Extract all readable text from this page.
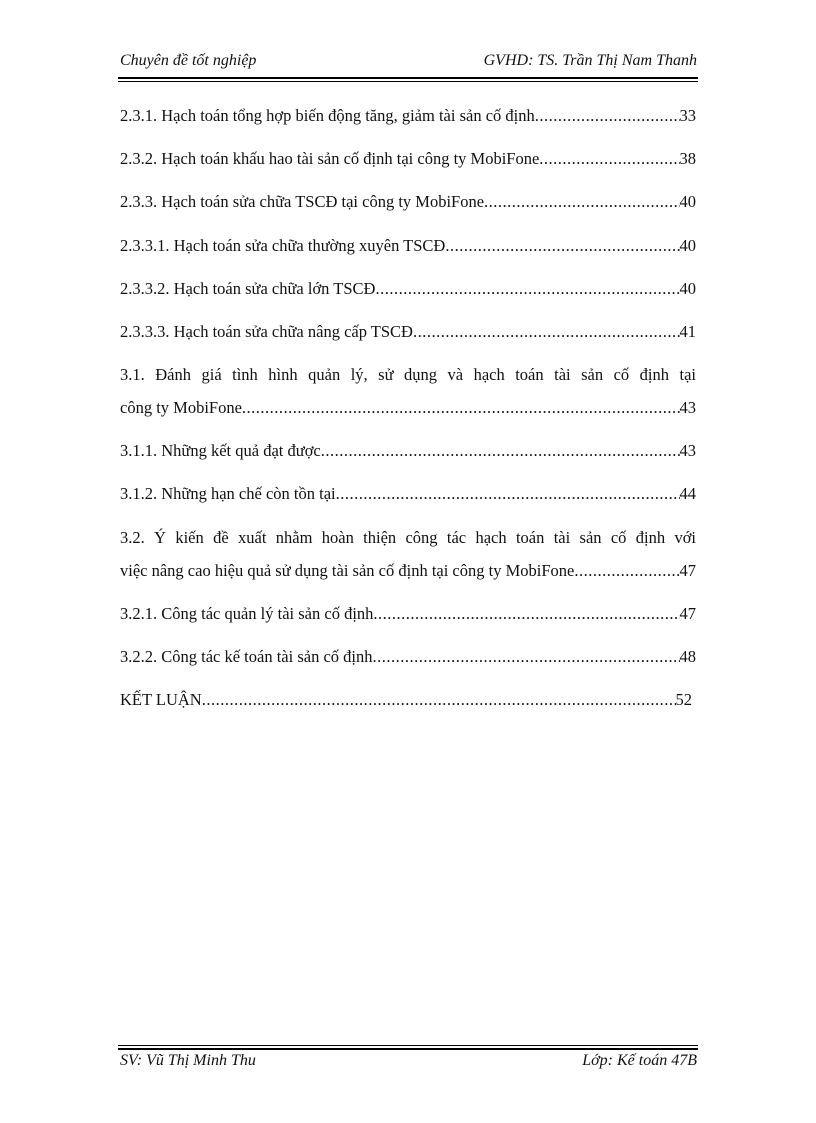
Chuyên đề tốt nghiệp	GVHD: TS. Trần Thị Nam Thanh
2.3.1. Hạch toán tổng hợp biến động tăng, giảm tài sản cố định .....	33
2.3.2. Hạch toán khấu hao tài sản cố định tại công ty MobiFone .....	38
2.3.3. Hạch toán sửa chữa TSCĐ tại công ty MobiFone .....	40
2.3.3.1. Hạch toán sửa chữa thường xuyên TSCĐ .....	40
2.3.3.2. Hạch toán sửa chữa lớn TSCĐ .....	40
2.3.3.3. Hạch toán sửa chữa nâng cấp TSCĐ .....	41
3.1. Đánh giá tình hình quản lý, sử dụng và hạch toán tài sản cố định tại
công ty MobiFone .....	43
3.1.1. Những kết quả đạt được .....	43
3.1.2. Những hạn chế còn tồn tại .....	44
3.2. Ý kiến đề xuất nhằm hoàn thiện công tác hạch toán tài sản cố định với
việc nâng cao hiệu quả sử dụng tài sản cố định tại công ty MobiFone .....	47
3.2.1. Công tác quản lý tài sản cố định .....	47
3.2.2. Công tác kế toán tài sản cố định .....	48
KẾT LUẬN .....	52
SV: Vũ Thị Minh Thu	Lớp: Kế toán 47B
